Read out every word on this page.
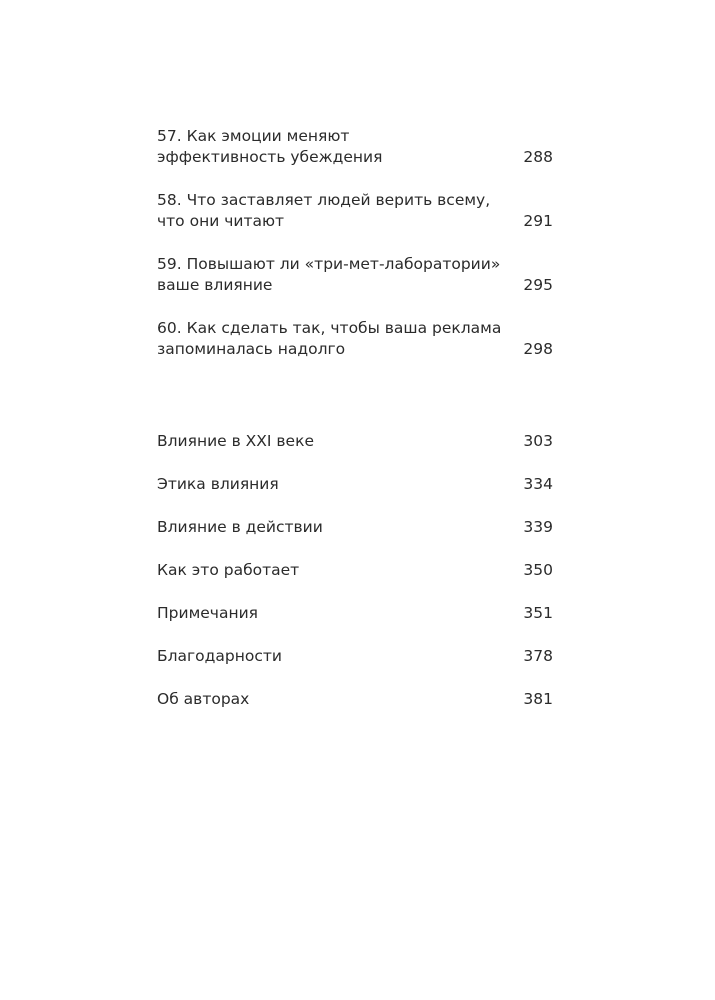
57. Как эмоции меняют
эффективность убеждения	288
58. Что заставляет людей верить всему,
что они читают	291
59. Повышают ли «три-мет-лаборатории»
ваше влияние	295
60. Как сделать так, чтобы ваша реклама
запоминалась надолго	298
Влияние в XXI веке	303
Этика влияния	334
Влияние в действии	339
Как это работает	350
Примечания	351
Благодарности	378
Об авторах	381
